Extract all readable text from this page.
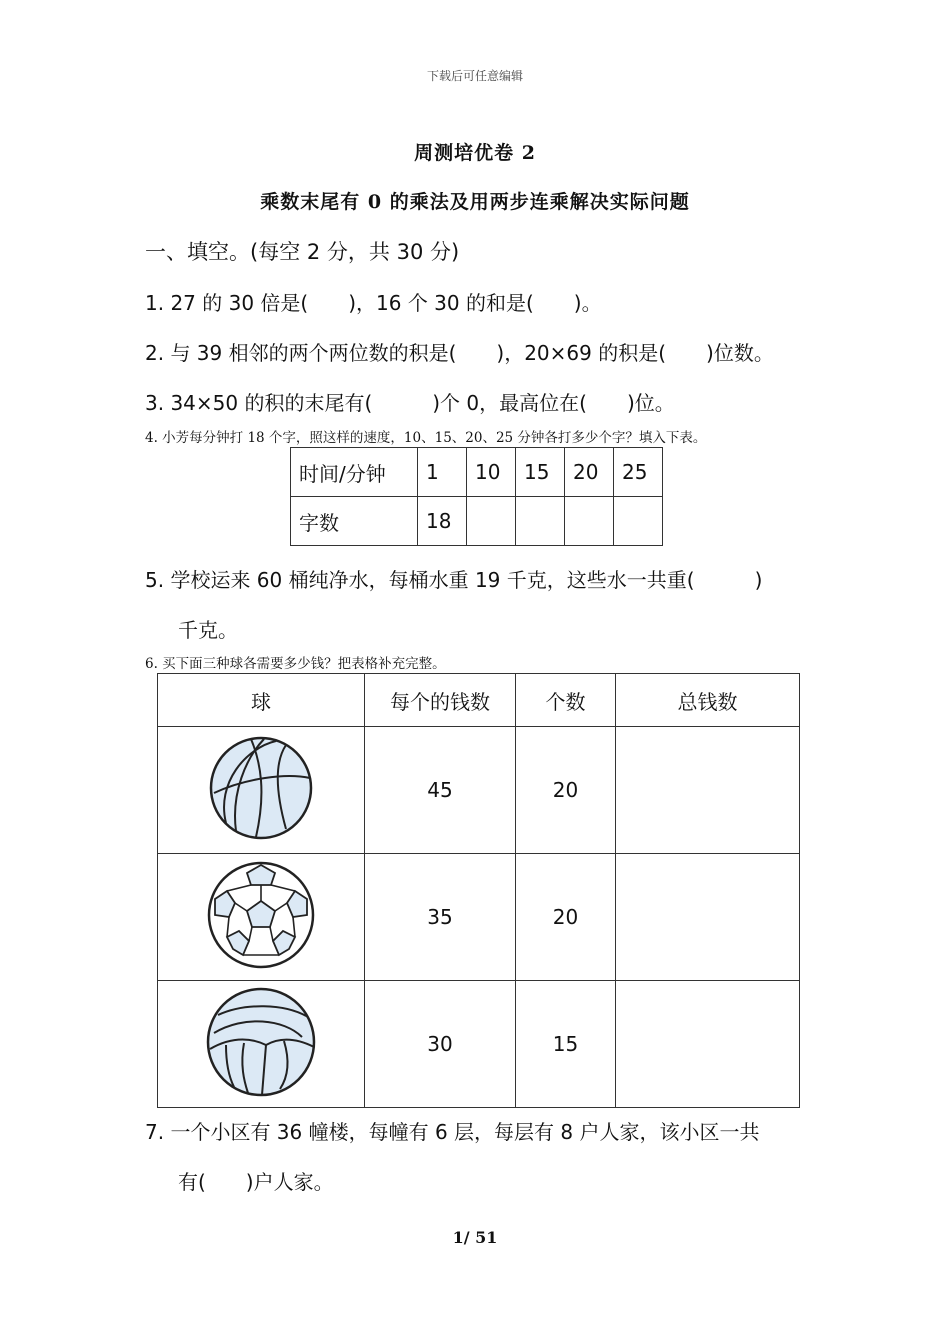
下载后可任意编辑
周测培优卷 2
乘数末尾有 0 的乘法及用两步连乘解决实际问题
一、填空。(每空 2 分，共 30 分)
1. 27 的 30 倍是(　　)，16 个 30 的和是(　　)。
2. 与 39 相邻的两个两位数的积是(　　)，20×69 的积是(　　)位数。
3. 34×50 的积的末尾有(　　　)个 0，最高位在(　　)位。
4. 小芳每分钟打 18 个字，照这样的速度，10、15、20、25 分钟各打多少个字？填入下表。
时间/分钟	1	10	15	20	25
字数	18				
5. 学校运来 60 桶纯净水，每桶水重 19 千克，这些水一共重(　　　)
千克。
6. 买下面三种球各需要多少钱？把表格补充完整。
球	每个的钱数	个数	总钱数
	45	20	
	35	20	
	30	15	
7. 一个小区有 36 幢楼，每幢有 6 层，每层有 8 户人家，该小区一共
有(　　)户人家。
1/ 51
